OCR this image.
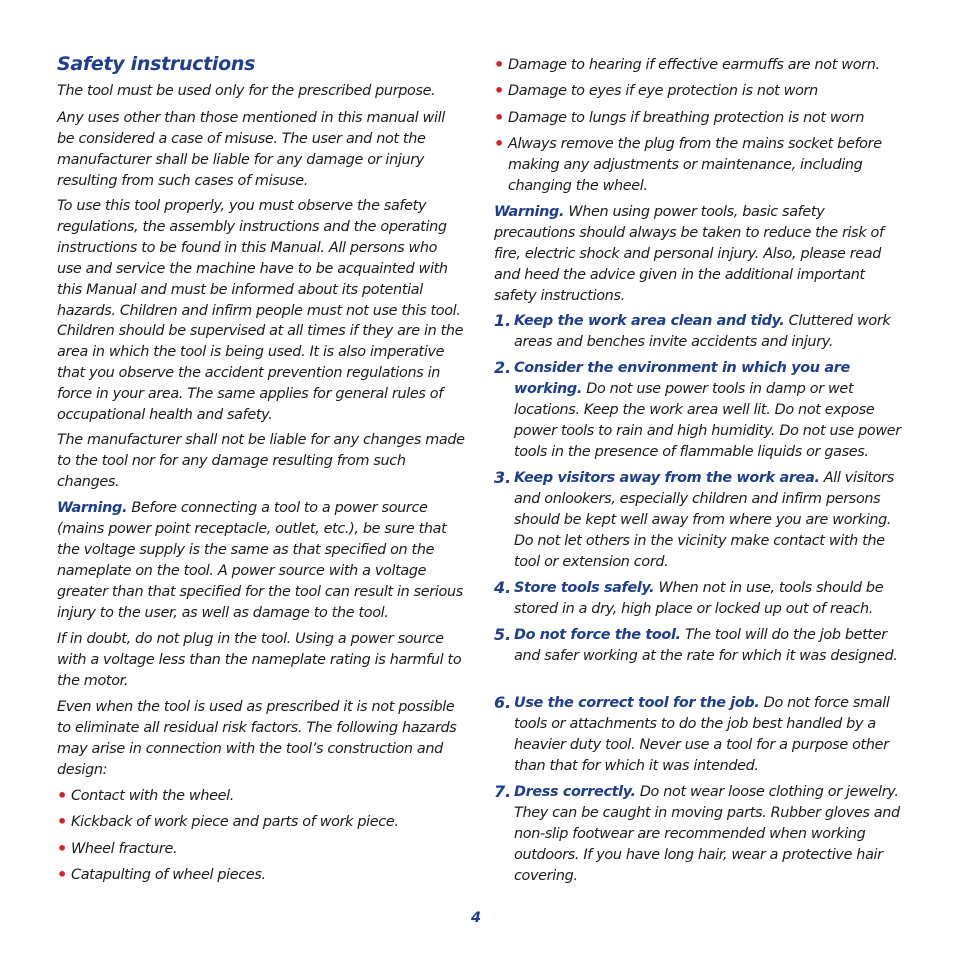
Safety instructions

The tool must be used only for the prescribed purpose.

Any uses other than those mentioned in this manual will be considered a case of misuse. The user and not the manufacturer shall be liable for any damage or injury resulting from such cases of misuse.

To use this tool properly, you must observe the safety regulations, the assembly instructions and the operating instructions to be found in this Manual. All persons who use and service the machine have to be acquainted with this Manual and must be informed about its potential hazards. Children and infirm people must not use this tool. Children should be supervised at all times if they are in the area in which the tool is being used. It is also imperative that you observe the accident prevention regulations in force in your area. The same applies for general rules of occupational health and safety.

The manufacturer shall not be liable for any changes made to the tool nor for any damage resulting from such changes.

Warning. Before connecting a tool to a power source (mains power point receptacle, outlet, etc.), be sure that the voltage supply is the same as that specified on the nameplate on the tool. A power source with a voltage greater than that specified for the tool can result in serious injury to the user, as well as damage to the tool.

If in doubt, do not plug in the tool. Using a power source with a voltage less than the nameplate rating is harmful to the motor.

Even when the tool is used as prescribed it is not possible to eliminate all residual risk factors. The following hazards may arise in connection with the tool’s construction and design:

• Contact with the wheel.

• Kickback of work piece and parts of work piece.

• Wheel fracture.

• Catapulting of wheel pieces.

• Damage to hearing if effective earmuffs are not worn.

• Damage to eyes if eye protection is not worn

• Damage to lungs if breathing protection is not worn

• Always remove the plug from the mains socket before making any adjustments or maintenance, including changing the wheel.

Warning. When using power tools, basic safety precautions should always be taken to reduce the risk of fire, electric shock and personal injury. Also, please read and heed the advice given in the additional important safety instructions.

1. Keep the work area clean and tidy. Cluttered work areas and benches invite accidents and injury.

2. Consider the environment in which you are working. Do not use power tools in damp or wet locations. Keep the work area well lit. Do not expose power tools to rain and high humidity. Do not use power tools in the presence of flammable liquids or gases.

3. Keep visitors away from the work area. All visitors and onlookers, especially children and infirm persons should be kept well away from where you are working. Do not let others in the vicinity make contact with the tool or extension cord.

4. Store tools safely. When not in use, tools should be stored in a dry, high place or locked up out of reach.

5. Do not force the tool. The tool will do the job better and safer working at the rate for which it was designed.

6. Use the correct tool for the job. Do not force small tools or attachments to do the job best handled by a heavier duty tool. Never use a tool for a purpose other than that for which it was intended.

7. Dress correctly. Do not wear loose clothing or jewelry. They can be caught in moving parts. Rubber gloves and non-slip footwear are recommended when working outdoors. If you have long hair, wear a protective hair covering.

4
